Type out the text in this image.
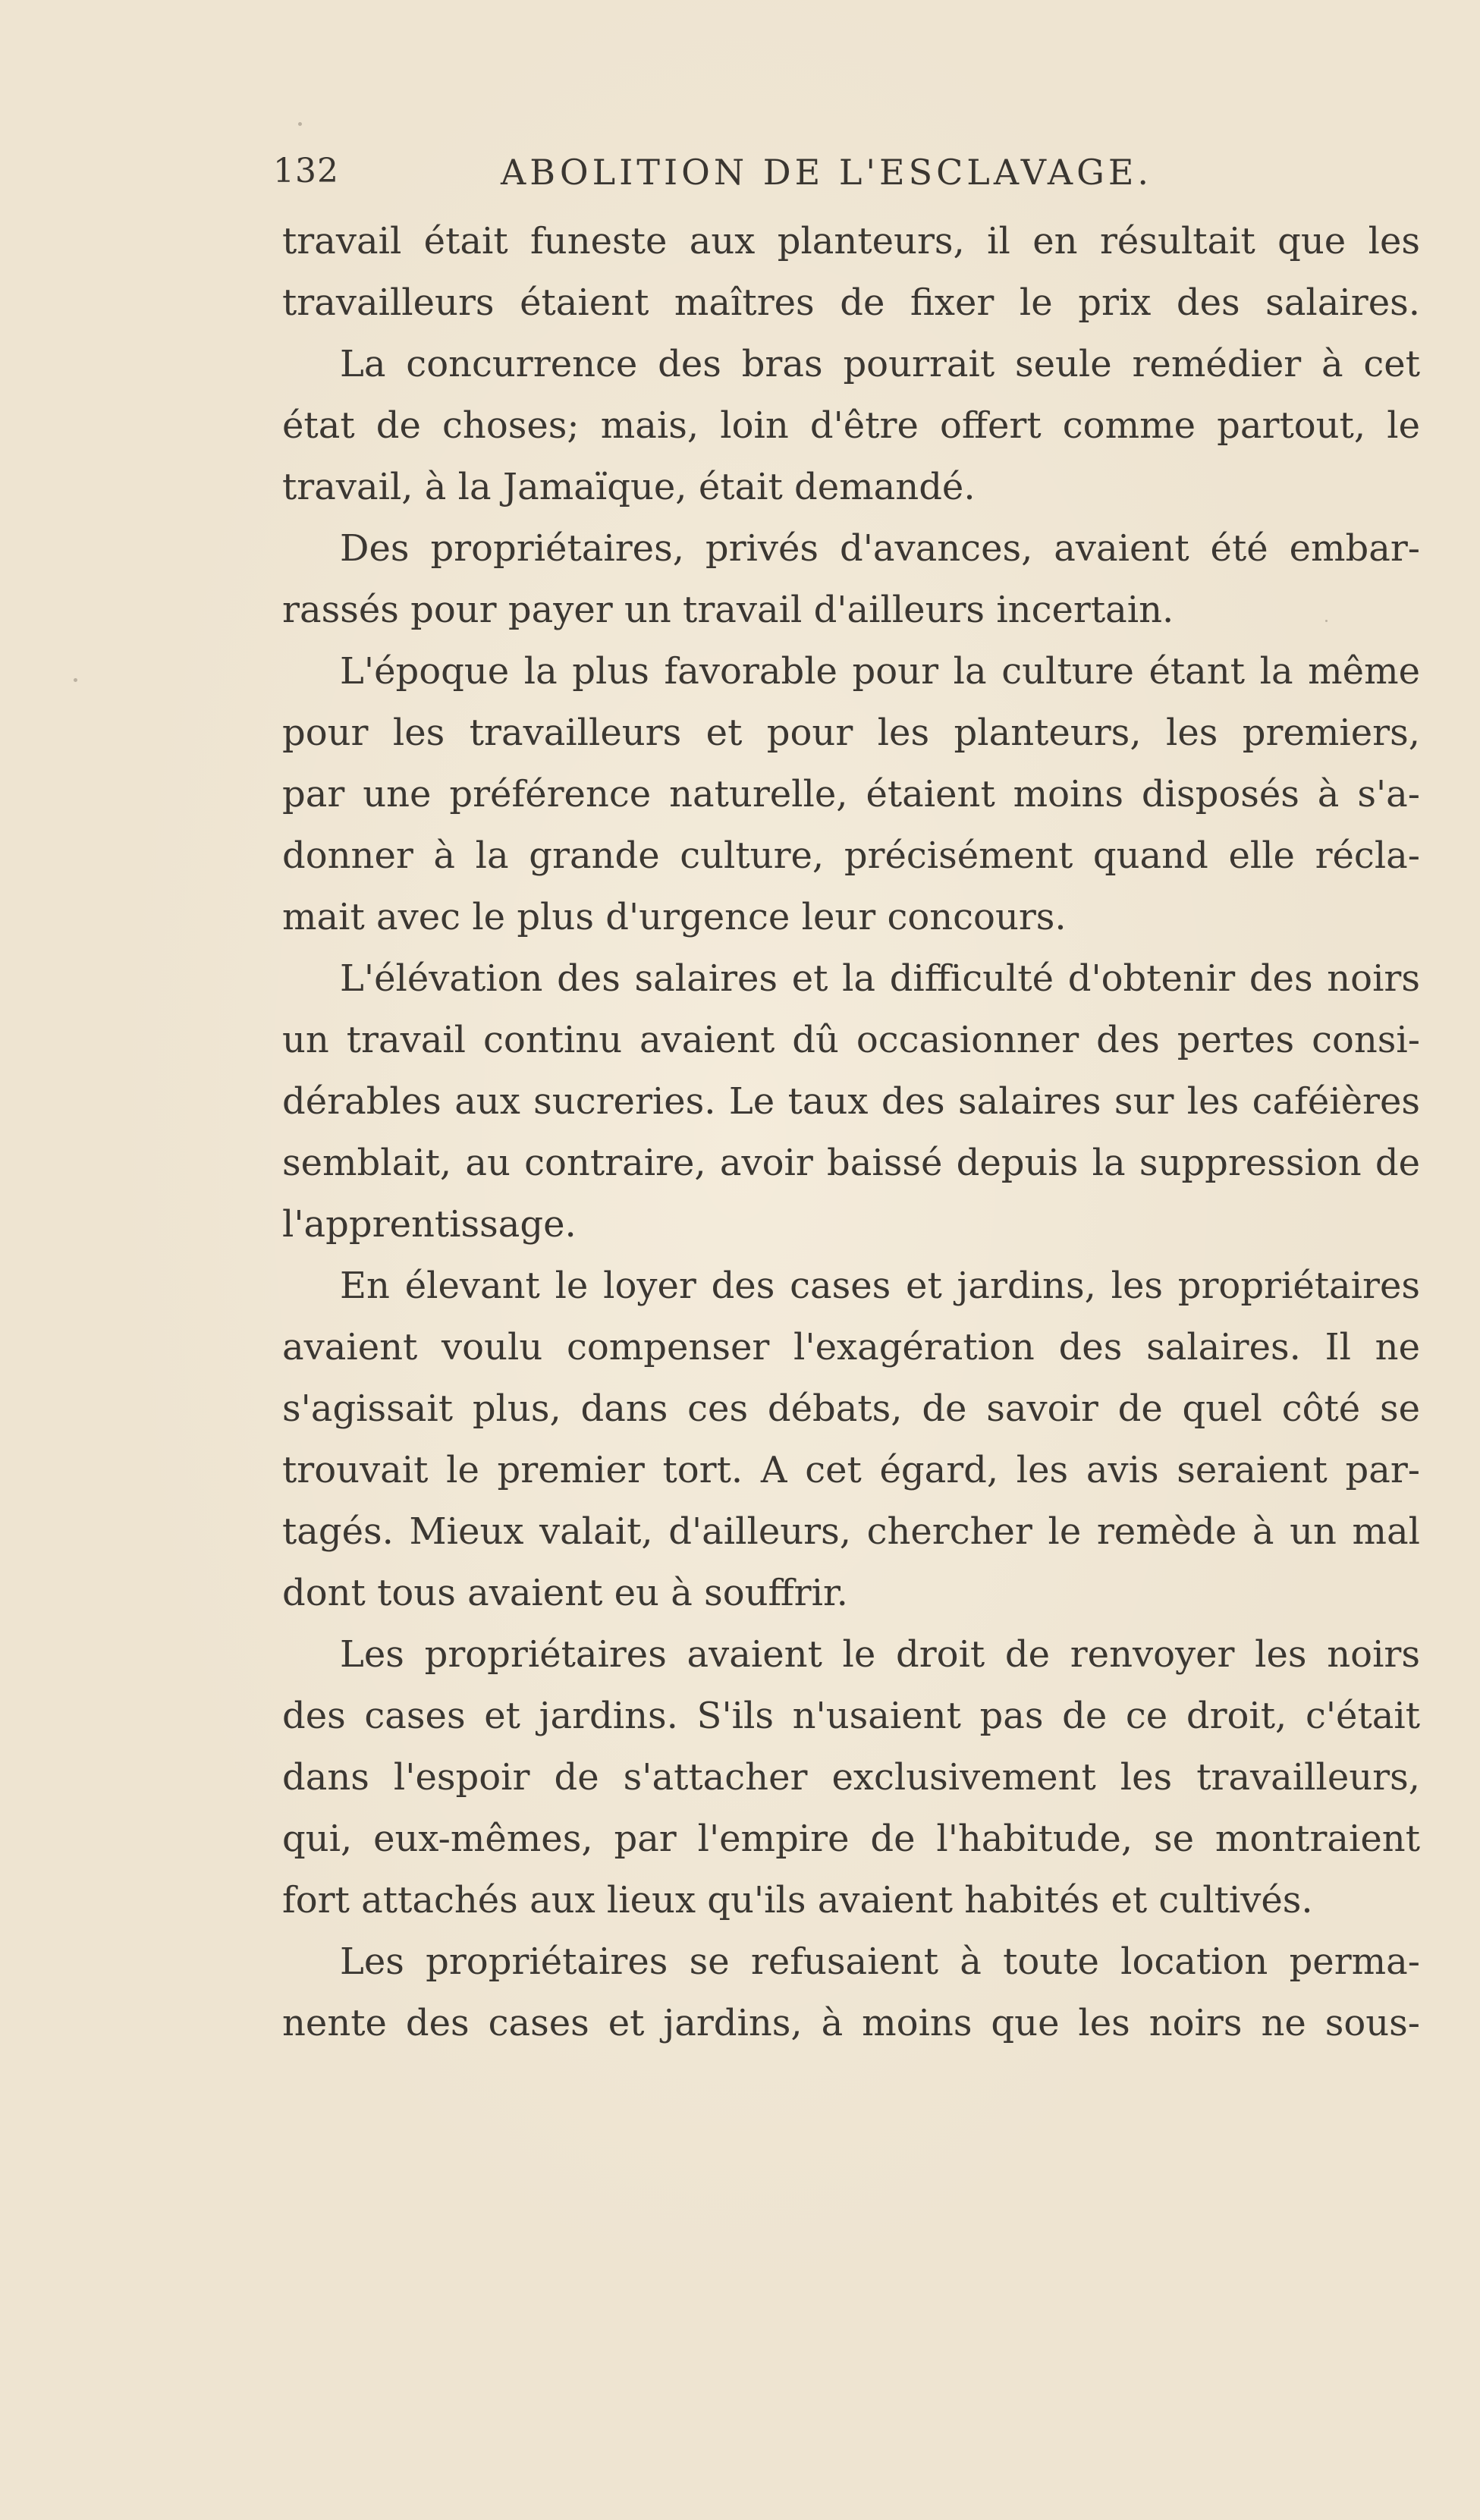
132	ABOLITION DE L'ESCLAVAGE.
travail était funeste aux planteurs, il en résultait que les
travailleurs étaient maîtres de fixer le prix des salaires.
La concurrence des bras pourrait seule remédier à cet
état de choses; mais, loin d'être offert comme partout, le
travail, à la Jamaïque, était demandé.
Des propriétaires, privés d'avances, avaient été embar-
rassés pour payer un travail d'ailleurs incertain.
L'époque la plus favorable pour la culture étant la même
pour les travailleurs et pour les planteurs, les premiers,
par une préférence naturelle, étaient moins disposés à s'a-
donner à la grande culture, précisément quand elle récla-
mait avec le plus d'urgence leur concours.
L'élévation des salaires et la difficulté d'obtenir des noirs
un travail continu avaient dû occasionner des pertes consi-
dérables aux sucreries. Le taux des salaires sur les caféières
semblait, au contraire, avoir baissé depuis la suppression de
l'apprentissage.
En élevant le loyer des cases et jardins, les propriétaires
avaient voulu compenser l'exagération des salaires. Il ne
s'agissait plus, dans ces débats, de savoir de quel côté se
trouvait le premier tort. A cet égard, les avis seraient par-
tagés. Mieux valait, d'ailleurs, chercher le remède à un mal
dont tous avaient eu à souffrir.
Les propriétaires avaient le droit de renvoyer les noirs
des cases et jardins. S'ils n'usaient pas de ce droit, c'était
dans l'espoir de s'attacher exclusivement les travailleurs,
qui, eux-mêmes, par l'empire de l'habitude, se montraient
fort attachés aux lieux qu'ils avaient habités et cultivés.
Les propriétaires se refusaient à toute location perma-
nente des cases et jardins, à moins que les noirs ne sous-
